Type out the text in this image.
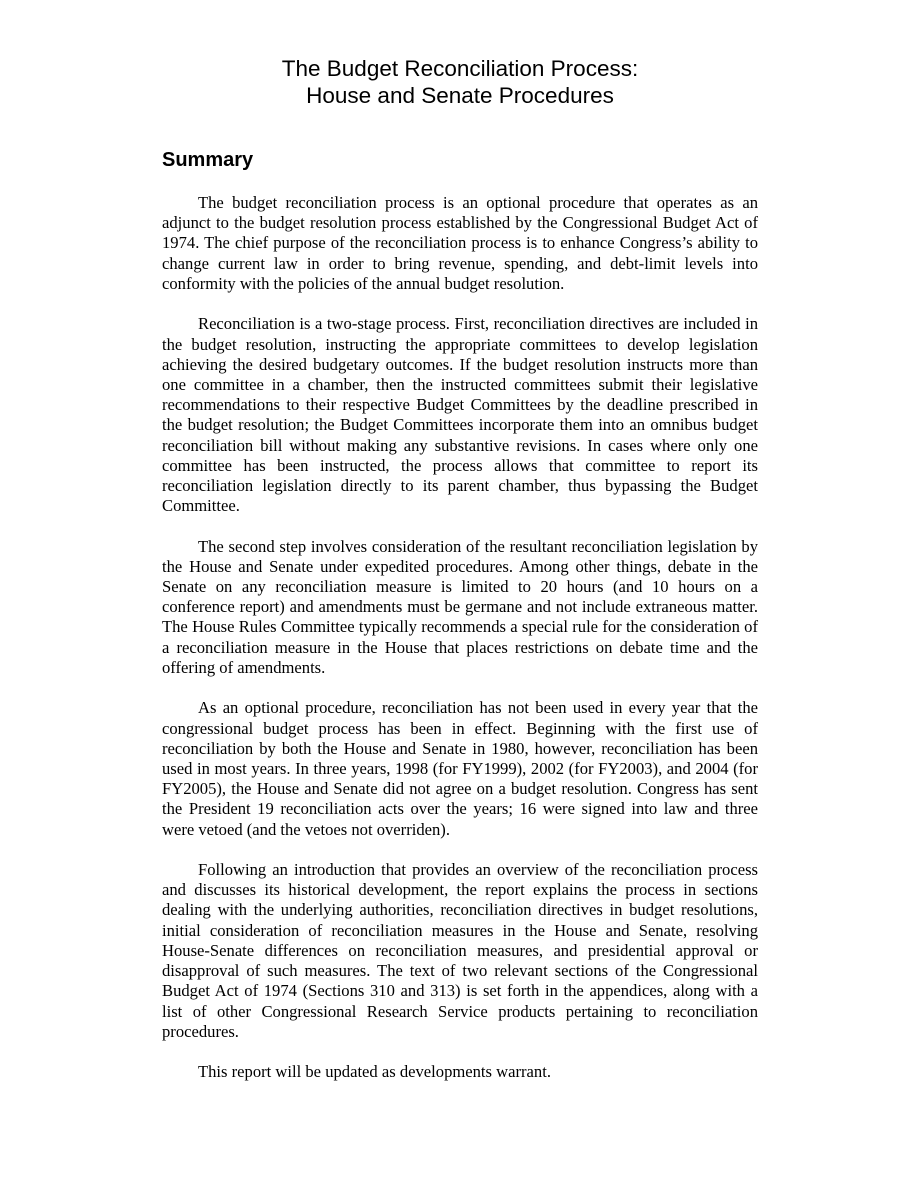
The Budget Reconciliation Process:
House and Senate Procedures
Summary

The budget reconciliation process is an optional procedure that operates as an adjunct to the budget resolution process established by the Congressional Budget Act of 1974. The chief purpose of the reconciliation process is to enhance Congress’s ability to change current law in order to bring revenue, spending, and debt-limit levels into conformity with the policies of the annual budget resolution.

Reconciliation is a two-stage process. First, reconciliation directives are included in the budget resolution, instructing the appropriate committees to develop legislation achieving the desired budgetary outcomes. If the budget resolution instructs more than one committee in a chamber, then the instructed committees submit their legislative recommendations to their respective Budget Committees by the deadline prescribed in the budget resolution; the Budget Committees incorporate them into an omnibus budget reconciliation bill without making any substantive revisions. In cases where only one committee has been instructed, the process allows that committee to report its reconciliation legislation directly to its parent chamber, thus bypassing the Budget Committee.

The second step involves consideration of the resultant reconciliation legislation by the House and Senate under expedited procedures. Among other things, debate in the Senate on any reconciliation measure is limited to 20 hours (and 10 hours on a conference report) and amendments must be germane and not include extraneous matter. The House Rules Committee typically recommends a special rule for the consideration of a reconciliation measure in the House that places restrictions on debate time and the offering of amendments.

As an optional procedure, reconciliation has not been used in every year that the congressional budget process has been in effect. Beginning with the first use of reconciliation by both the House and Senate in 1980, however, reconciliation has been used in most years. In three years, 1998 (for FY1999), 2002 (for FY2003), and 2004 (for FY2005), the House and Senate did not agree on a budget resolution. Congress has sent the President 19 reconciliation acts over the years; 16 were signed into law and three were vetoed (and the vetoes not overriden).

Following an introduction that provides an overview of the reconciliation process and discusses its historical development, the report explains the process in sections dealing with the underlying authorities, reconciliation directives in budget resolutions, initial consideration of reconciliation measures in the House and Senate, resolving House-Senate differences on reconciliation measures, and presidential approval or disapproval of such measures. The text of two relevant sections of the Congressional Budget Act of 1974 (Sections 310 and 313) is set forth in the appendices, along with a list of other Congressional Research Service products pertaining to reconciliation procedures.

This report will be updated as developments warrant.
